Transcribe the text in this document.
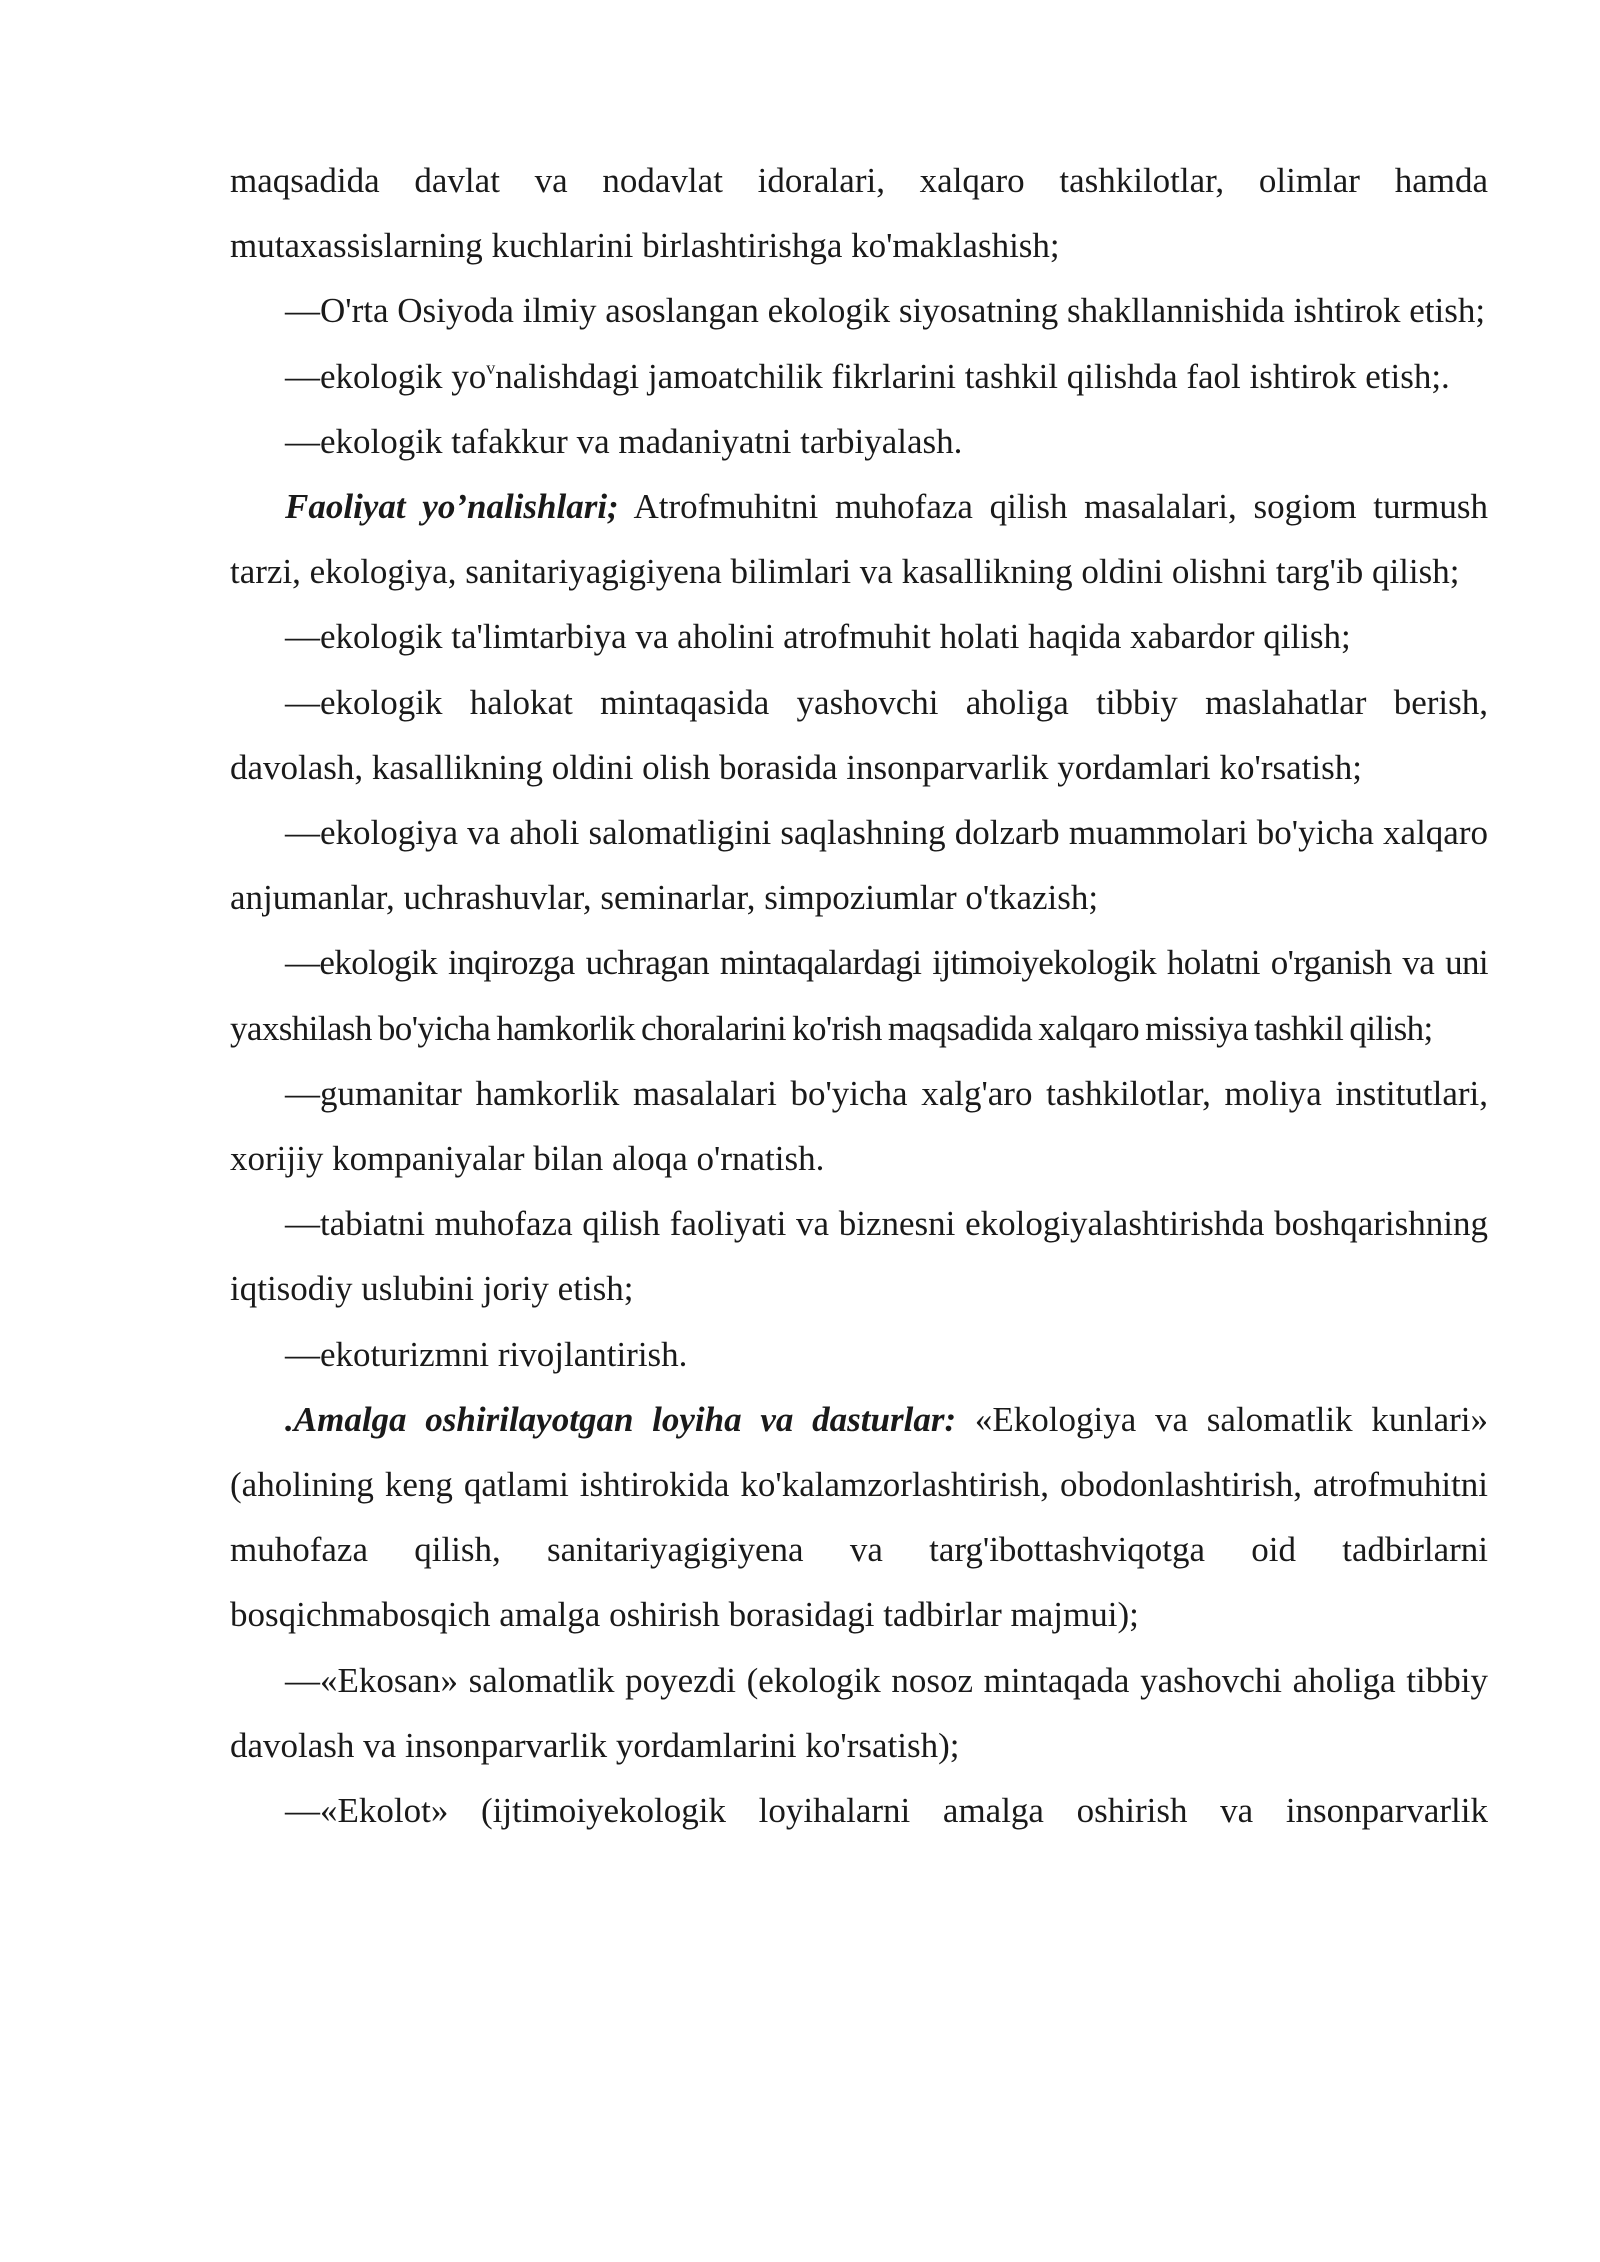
maqsadida davlat va nodavlat idoralari, xalqaro tashkilotlar, olimlar hamda mutaxassislarning kuchlarini birlashtirishga ko'maklashish;

—O'rta Osiyoda ilmiy asoslangan ekologik siyosatning shakllannishida ishtirok etish;

—ekologik $yo^vnalishdagi$ jamoatchilik fikrlarini tashkil qilishda faol ishtirok etish;.

—ekologik tafakkur va madaniyatni tarbiyalash.

Faoliyat yo’nalishlari; Atrofmuhitni muhofaza qilish masalalari, sogiom turmush tarzi, ekologiya, sanitariyagigiyena bilimlari va kasallikning oldini olishni targ'ib qilish;

—ekologik ta'limtarbiya va aholini atrofmuhit holati haqida xabardor qilish;

—ekologik halokat mintaqasida yashovchi aholiga tibbiy maslahatlar berish, davolash, kasallikning oldini olish borasida insonparvarlik yordamlari ko'rsatish;

—ekologiya va aholi salomatligini saqlashning dolzarb muammolari bo'yicha xalqaro anjumanlar, uchrashuvlar, seminarlar, simpoziumlar o'tkazish;

—ekologik inqirozga uchragan mintaqalardagi ijtimoiyekologik holatni o'rganish va uni yaxshilash bo'yicha hamkorlik choralarini ko'rish maqsadida xalqaro missiya tashkil qilish;

—gumanitar hamkorlik masalalari bo'yicha xalg'aro tashkilotlar, moliya institutlari, xorijiy kompaniyalar bilan aloqa o'rnatish.

—tabiatni muhofaza qilish faoliyati va biznesni ekologiyalashtirishda boshqarishning iqtisodiy uslubini joriy etish;

—ekoturizmni rivojlantirish.

.Amalga oshirilayotgan loyiha va dasturlar: «Ekologiya va salomatlik kunlari» (aholining keng qatlami ishtirokida ko'kalamzorlashtirish, obodonlashtirish, atrofmuhitni muhofaza qilish, sanitariyagigiyena va targ'ibottashviqotga oid tadbirlarni bosqichmabosqich amalga oshirish borasidagi tadbirlar majmui);

—«Ekosan» salomatlik poyezdi (ekologik nosoz mintaqada yashovchi aholiga tibbiy davolash va insonparvarlik yordamlarini ko'rsatish);

—«Ekolot» (ijtimoiyekologik loyihalarni amalga oshirish va insonparvarlik
